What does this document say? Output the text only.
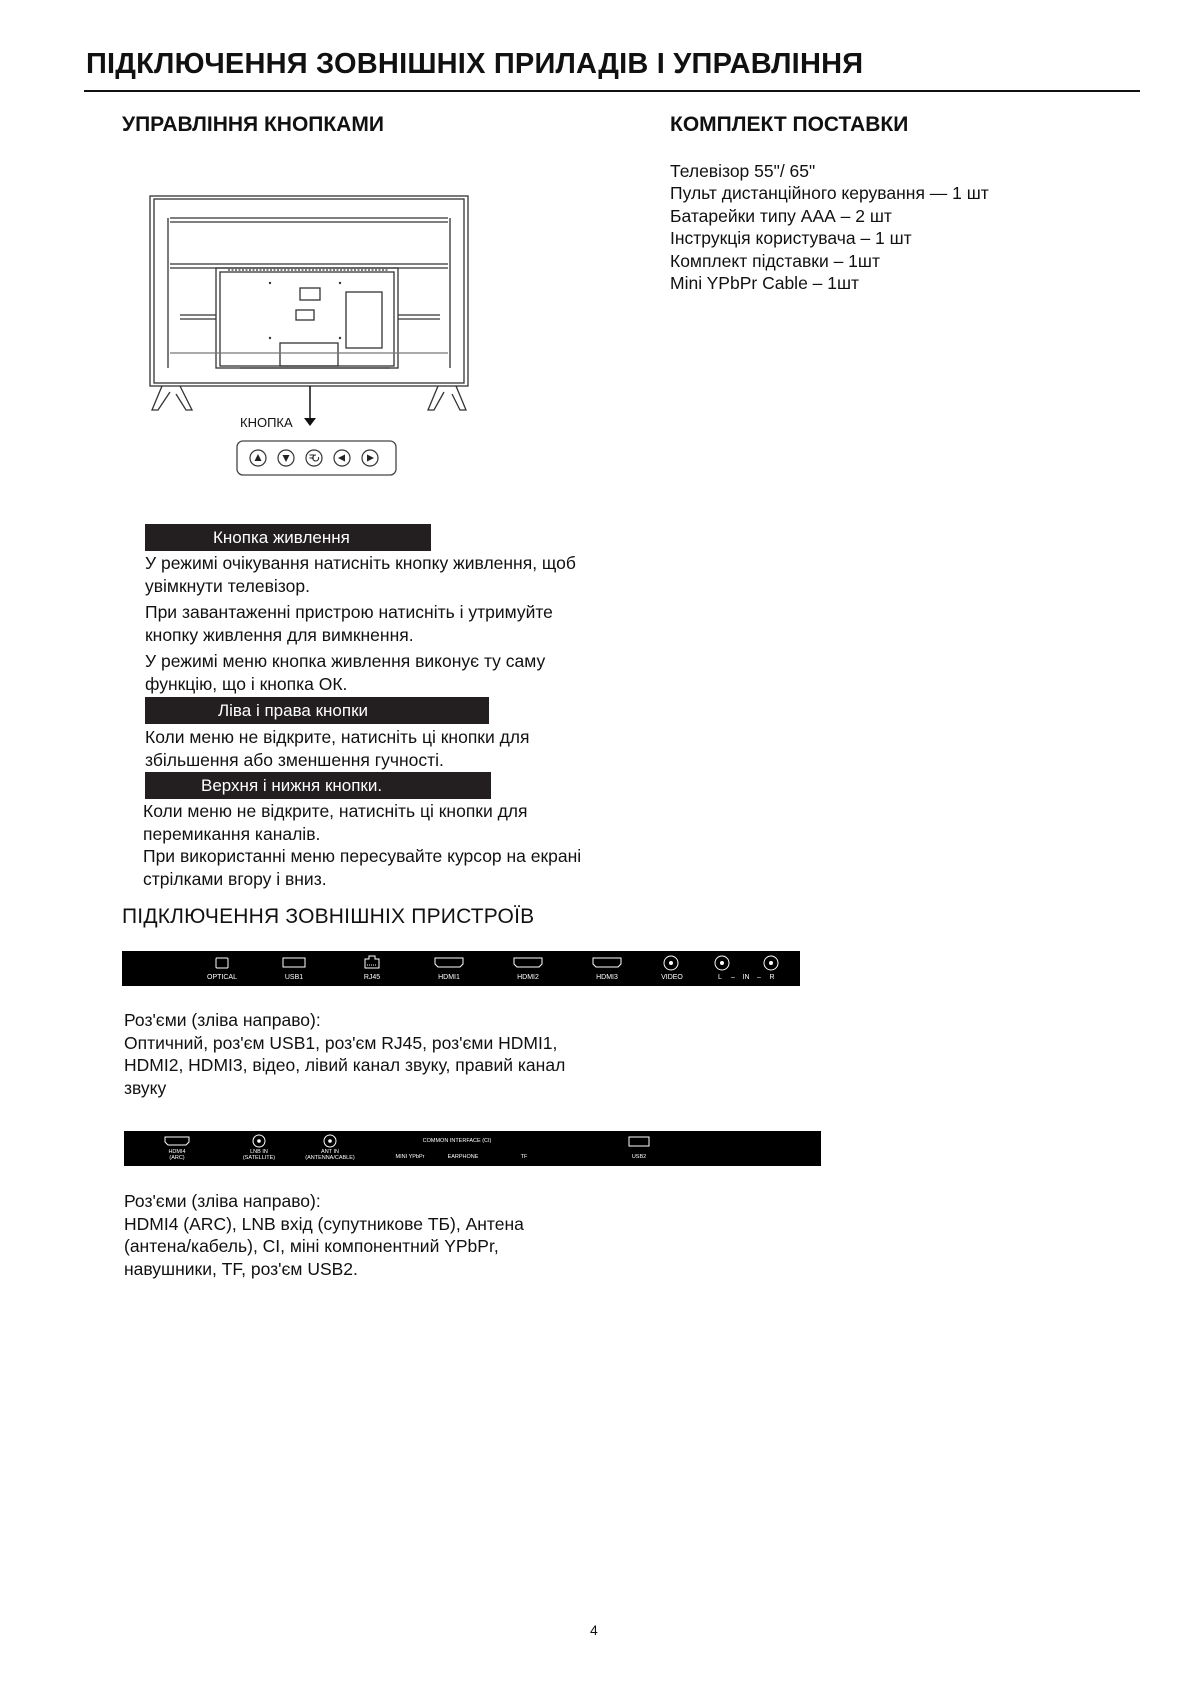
ПІДКЛЮЧЕННЯ ЗОВНІШНІХ ПРИЛАДІВ І УПРАВЛІННЯ
УПРАВЛІННЯ КНОПКАМИ
КНОПКА
Кнопка живлення
У режимі очікування натисніть кнопку живлення, щоб
увімкнути телевізор.
При завантаженні пристрою натисніть і утримуйте
кнопку живлення для вимкнення.
У режимі меню кнопка живлення виконує ту саму
функцію, що і кнопка ОК.
Ліва і права кнопки
Коли меню не відкрите, натисніть ці кнопки для
збільшення або зменшення гучності.
Верхня і нижня кнопки.
Коли меню не відкрите, натисніть ці кнопки для
перемикання каналів.
При використанні меню пересувайте курсор на екрані
стрілками вгору і вниз.
КОМПЛЕКТ ПОСТАВКИ
Телевізор 55"/ 65"
Пульт дистанційного керування — 1 шт
Батарейки типу ААА – 2 шт
Інструкція користувача – 1 шт
Комплект підставки – 1шт
Mini YPbPr Cable – 1шт
ПІДКЛЮЧЕННЯ ЗОВНІШНІХ ПРИСТРОЇВ
OPTICAL	USB1	RJ45	HDMI1	HDMI2	HDMI3	VIDEO	L – IN – R
Роз'єми (зліва направо):
Оптичний, роз'єм USB1, роз'єм RJ45, роз'єми HDMI1,
HDMI2, HDMI3, відео, лівий канал звуку, правий канал
звуку
HDMI4
(ARC)
LNB IN
(SATELLITE)
ANT IN
(ANTENNA/CABLE)
COMMON INTERFACE (CI)
MINI YPbPr	EARPHONE	TF	USB2
Роз'єми (зліва направо):
HDMI4 (ARC), LNB вхід (супутникове ТБ), Антена
(антена/кабель), CI, міні компонентний YPbPr,
навушники, TF, роз'єм USB2.
4
